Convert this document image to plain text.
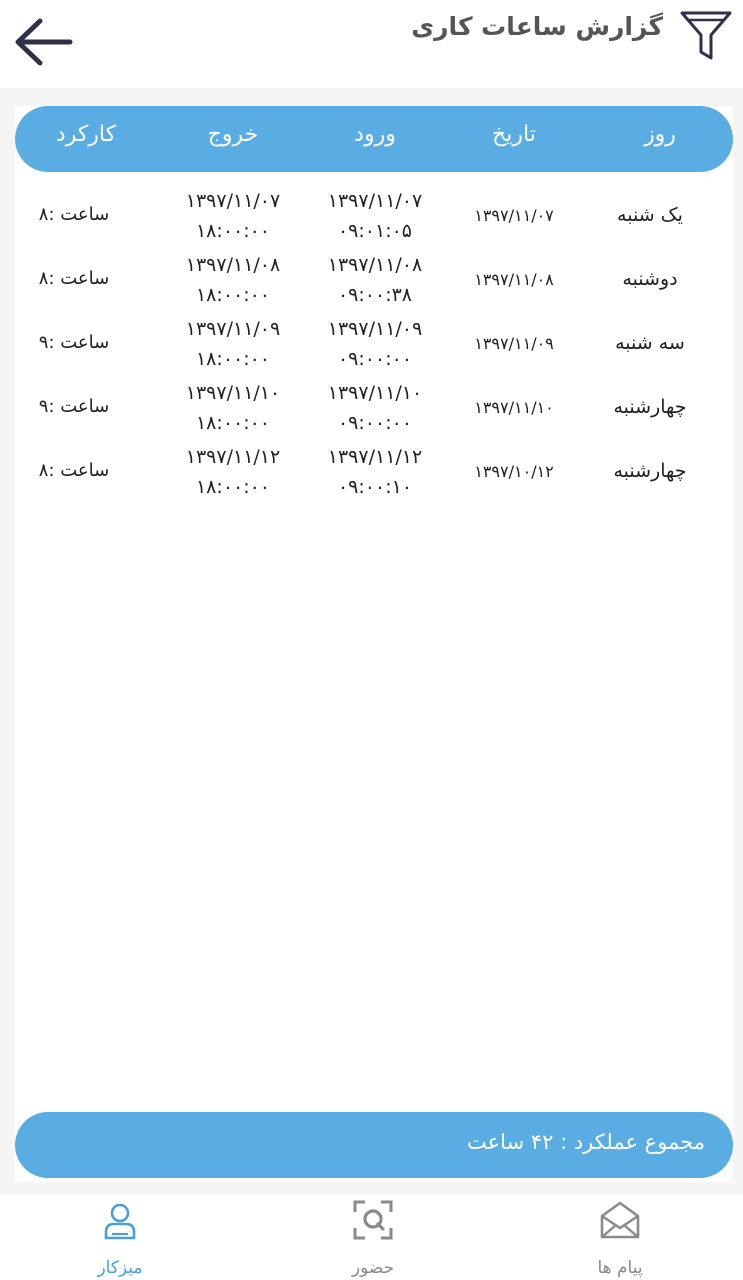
گزارش ساعات کاری
روز
تاریخ
ورود
خروج
کارکرد
یک شنبه
۱۳۹۷/۱۱/۰۷
۱۳۹۷/۱۱/۰۷
۰۹:۰۱:۰۵
۱۳۹۷/۱۱/۰۷
۱۸:۰۰:۰۰
ساعت :۸
دوشنبه
۱۳۹۷/۱۱/۰۸
۱۳۹۷/۱۱/۰۸
۰۹:۰۰:۳۸
۱۳۹۷/۱۱/۰۸
۱۸:۰۰:۰۰
ساعت :۸
سه شنبه
۱۳۹۷/۱۱/۰۹
۱۳۹۷/۱۱/۰۹
۰۹:۰۰:۰۰
۱۳۹۷/۱۱/۰۹
۱۸:۰۰:۰۰
ساعت :۹
چهارشنبه
۱۳۹۷/۱۱/۱۰
۱۳۹۷/۱۱/۱۰
۰۹:۰۰:۰۰
۱۳۹۷/۱۱/۱۰
۱۸:۰۰:۰۰
ساعت :۹
چهارشنبه
۱۳۹۷/۱۰/۱۲
۱۳۹۷/۱۱/۱۲
۰۹:۰۰:۱۰
۱۳۹۷/۱۱/۱۲
۱۸:۰۰:۰۰
ساعت :۸
مجموع عملکرد : ۴۲ ساعت
میزکار	حضور	پیام ها
